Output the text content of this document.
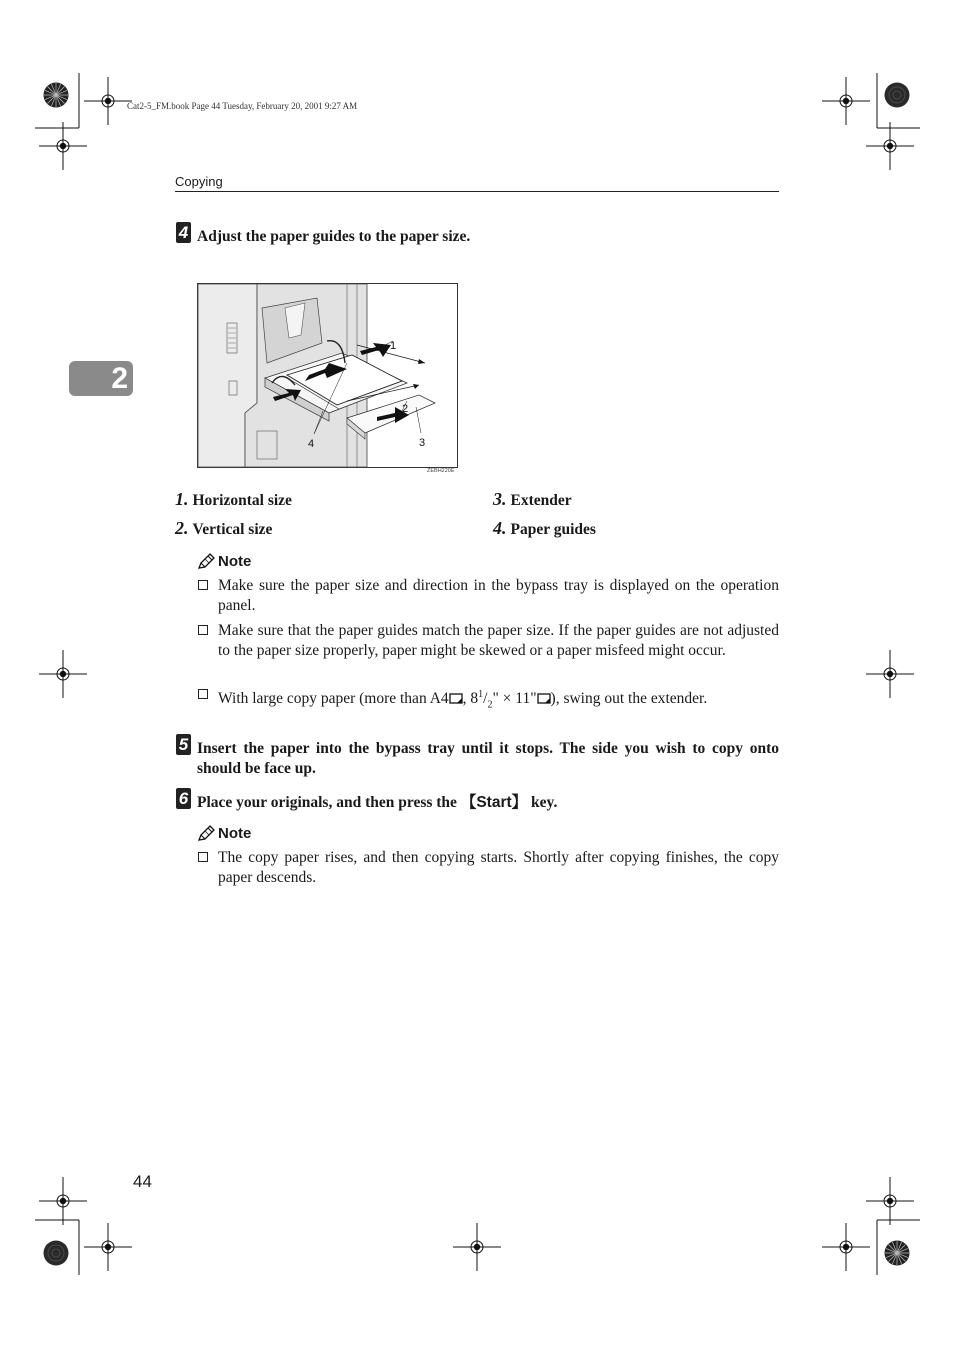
Cat2-5_FM.book Page 44 Tuesday, February 20, 2001 9:27 AM
Copying
2
4 Adjust the paper guides to the paper size.
1
2
3
4
ZEBH220E
1. Horizontal size
2. Vertical size
3. Extender
4. Paper guides
Note
Make sure the paper size and direction in the bypass tray is displayed on the operation panel.
Make sure that the paper guides match the paper size. If the paper guides are not adjusted to the paper size properly, paper might be skewed or a paper misfeed might occur.
With large copy paper (more than A4 , $8^1/_2$" × 11" ), swing out the extender.
5 Insert the paper into the bypass tray until it stops. The side you wish to copy onto should be face up.
6 Place your originals, and then press the 【Start】 key.
Note
The copy paper rises, and then copying starts. Shortly after copying finishes, the copy paper descends.
44
